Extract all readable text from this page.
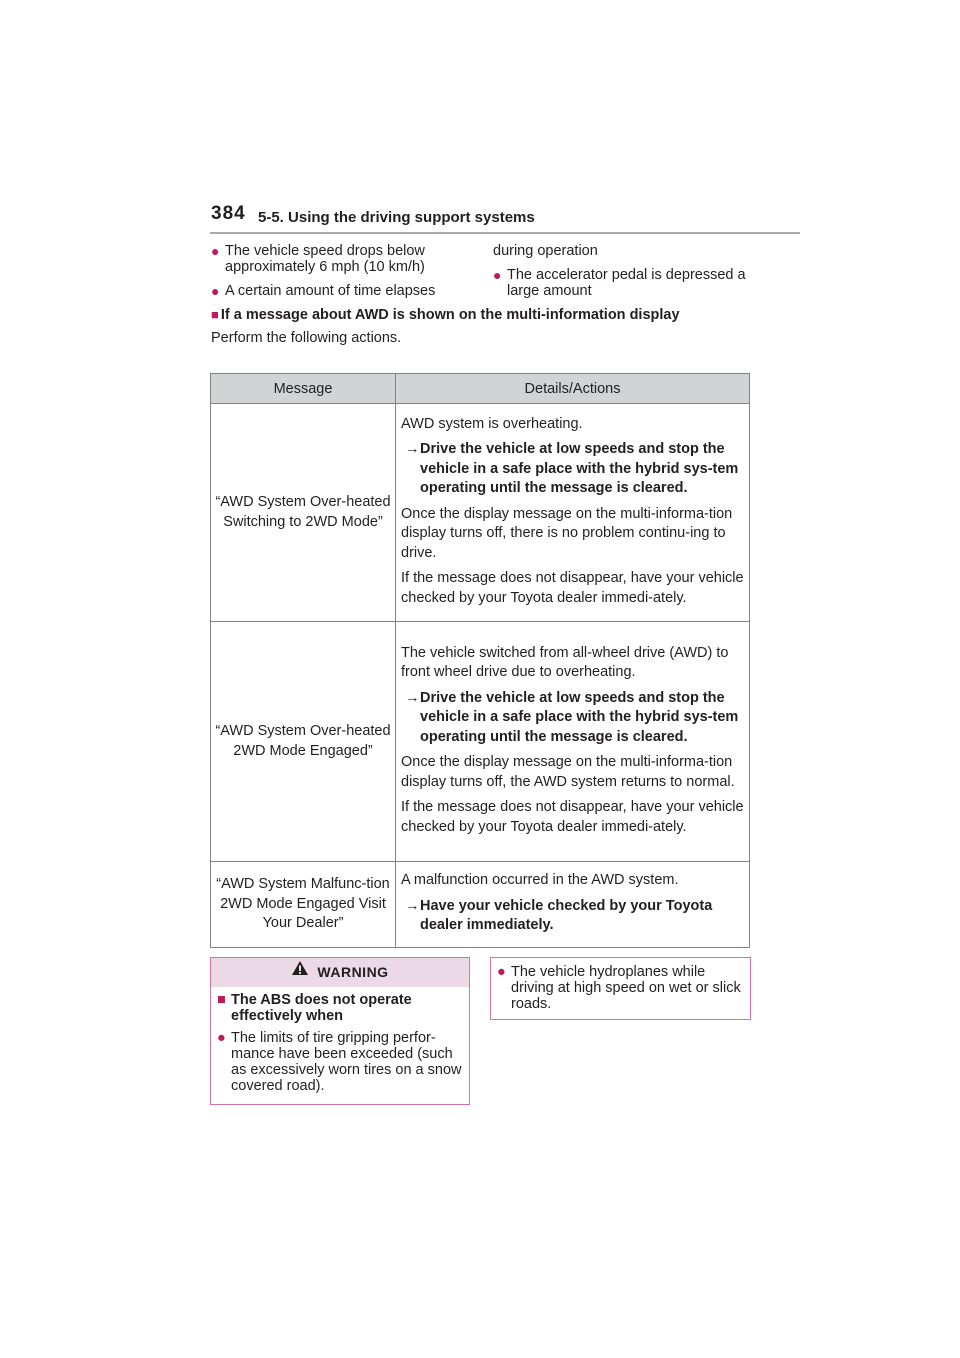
384 5-5. Using the driving support systems
● The vehicle speed drops below approximately 6 mph (10 km/h)
● A certain amount of time elapses
during operation
● The accelerator pedal is depressed a large amount
■ If a message about AWD is shown on the multi-information display
Perform the following actions.
Message	Details/Actions
“AWD System Over-heated Switching to 2WD Mode”	AWD system is overheating.

→ Drive the vehicle at low speeds and stop the vehicle in a safe place with the hybrid sys-tem operating until the message is cleared.

Once the display message on the multi-informa-tion display turns off, there is no problem continu-ing to drive.

If the message does not disappear, have your vehicle checked by your Toyota dealer immedi-ately.

“AWD System Over-heated 2WD Mode Engaged”	The vehicle switched from all-wheel drive (AWD) to front wheel drive due to overheating.

→ Drive the vehicle at low speeds and stop the vehicle in a safe place with the hybrid sys-tem operating until the message is cleared.

Once the display message on the multi-informa-tion display turns off, the AWD system returns to normal.

If the message does not disappear, have your vehicle checked by your Toyota dealer immedi-ately.

“AWD System Malfunc-tion 2WD Mode Engaged Visit Your Dealer”	A malfunction occurred in the AWD system.

→ Have your vehicle checked by your Toyota dealer immediately.

WARNING
■ The ABS does not operate effectively when
● The limits of tire gripping perfor-mance have been exceeded (such as excessively worn tires on a snow covered road).
● The vehicle hydroplanes while driving at high speed on wet or slick roads.
